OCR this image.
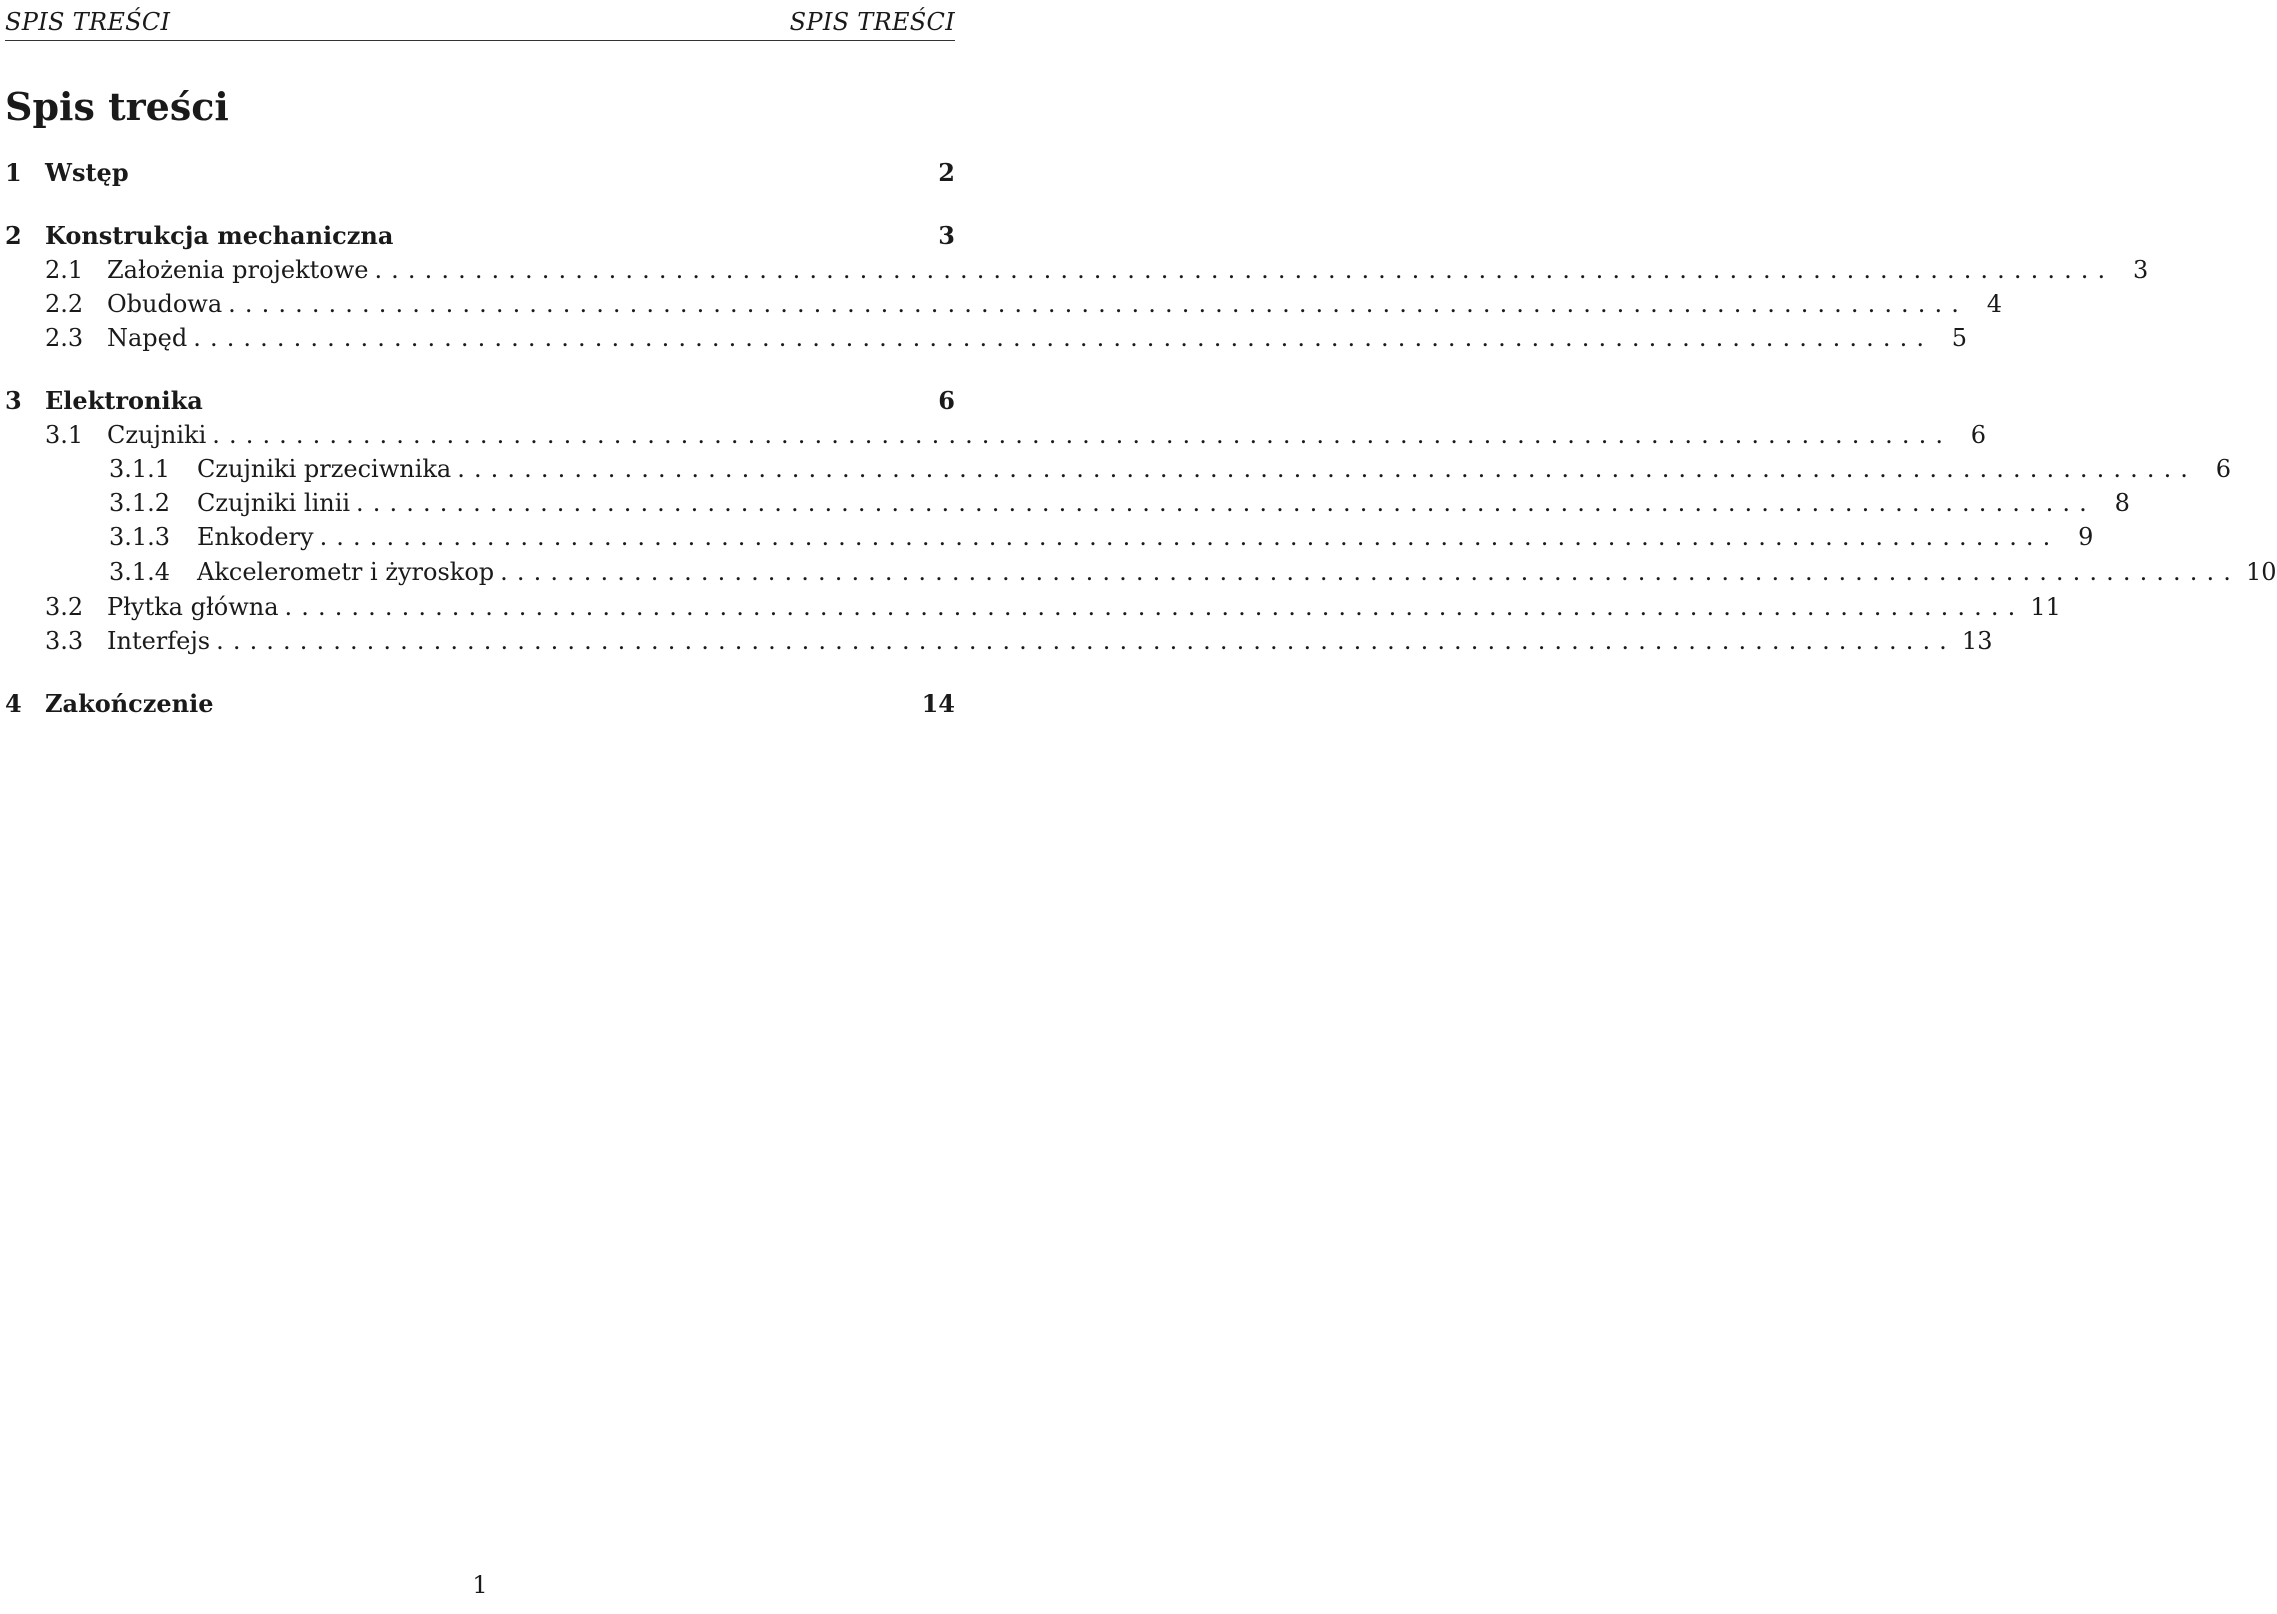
SPIS TREŚCI	SPIS TREŚCI
Spis treści
1 Wstęp	2
2 Konstrukcja mechaniczna	3
2.1 Założenia projektowe ........................................................................................................ 3
2.2 Obudowa ........................................................................................................ 4
2.3 Napęd ........................................................................................................ 5
3 Elektronika	6
3.1 Czujniki ........................................................................................................ 6
3.1.1	Czujniki przeciwnika ........................................................................................................ 6
3.1.2	Czujniki linii ........................................................................................................ 8
3.1.3	Enkodery ........................................................................................................ 9
3.1.4	Akcelerometr i żyroskop ........................................................................................................ 10
3.2 Płytka główna ........................................................................................................ 11
3.3 Interfejs ........................................................................................................ 13
4 Zakończenie	14
1
